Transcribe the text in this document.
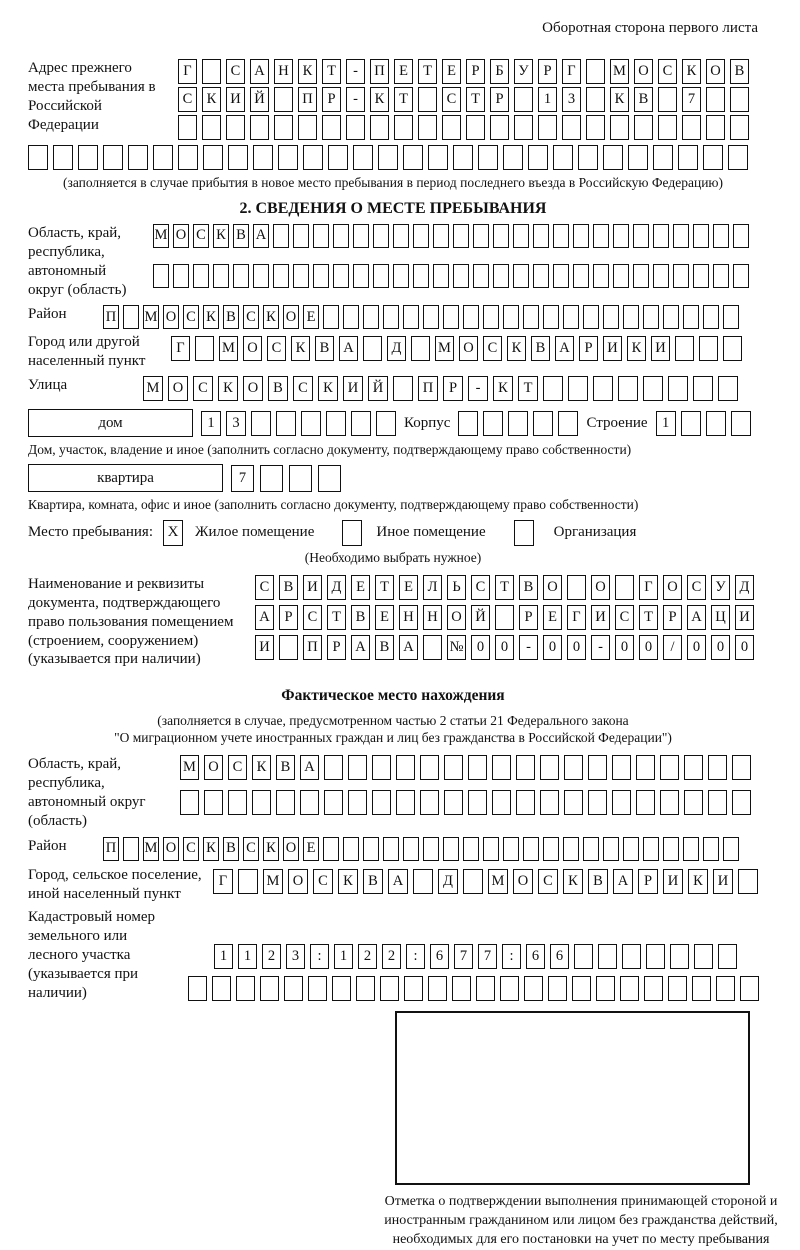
Оборотная сторона первого листа
Адрес прежнего места пребывания в Российской Федерации
Г	С А Н К	Т	-	П Е	Т	Е	Р	Б	У	Р	Г	М О С К О В
С К И Й	П	Р	-	К	Т	С	Т	Р	1	3	К В	7
(заполняется в случае прибытия в новое место пребывания в период последнего въезда в Российскую Федерацию)
2. СВЕДЕНИЯ О МЕСТЕ ПРЕБЫВАНИЯ
Область, край, республика, автономный округ (область)
М О С К В А
Район	П М О С К В С К О Е
Город или другой населенный пункт
Г	М О С К В А	Д	М О С К В А	Р	И К И
Улица	М О	С	К	О	В	С	К	И	Й	П	Р	-	К	Т
дом	1	3	Корпус	Строение 1
Дом, участок, владение и иное (заполнить согласно документу, подтверждающему право собственности)
квартира	7
Квартира, комната, офис и иное (заполнить согласно документу, подтверждающему право собственности)
Место пребывания: X	Жилое помещение	Иное помещение	Организация
(Необходимо выбрать нужное)
Наименование и реквизиты документа, подтверждающего право пользования помещением (строением, сооружением) (указывается при наличии)
С В И Д	Е	Т	Е	Л	Ь	С	Т	В О	О	Г	О С У Д
А	Р	С	Т	В	Е Н Н О Й	Р	Е	Г	И С	Т	Р	А Ц И
И	П	Р	А В А № 0	0	-	0	0	-	0	0	/	0	0	0
Фактическое место нахождения
(заполняется в случае, предусмотренном частью 2 статьи 21 Федерального закона
"О миграционном учете иностранных граждан и лиц без гражданства в Российской Федерации")
Область, край, республика, автономный округ (область)
М О С К В А
Район	П М О С К В С К О Е
Город, сельское поселение, иной населенный пункт
Г	М О	С	К	В	А	Д	М О	С	К	В	А	Р	И	К	И
Кадастровый номер земельного или лесного участка (указывается при наличии)
1	1	2	3	:	1	2	2	:	6	7	7	:	6	6
Отметка о подтверждении выполнения принимающей стороной и иностранным гражданином или лицом без гражданства действий, необходимых для его постановки на учет по месту пребывания
